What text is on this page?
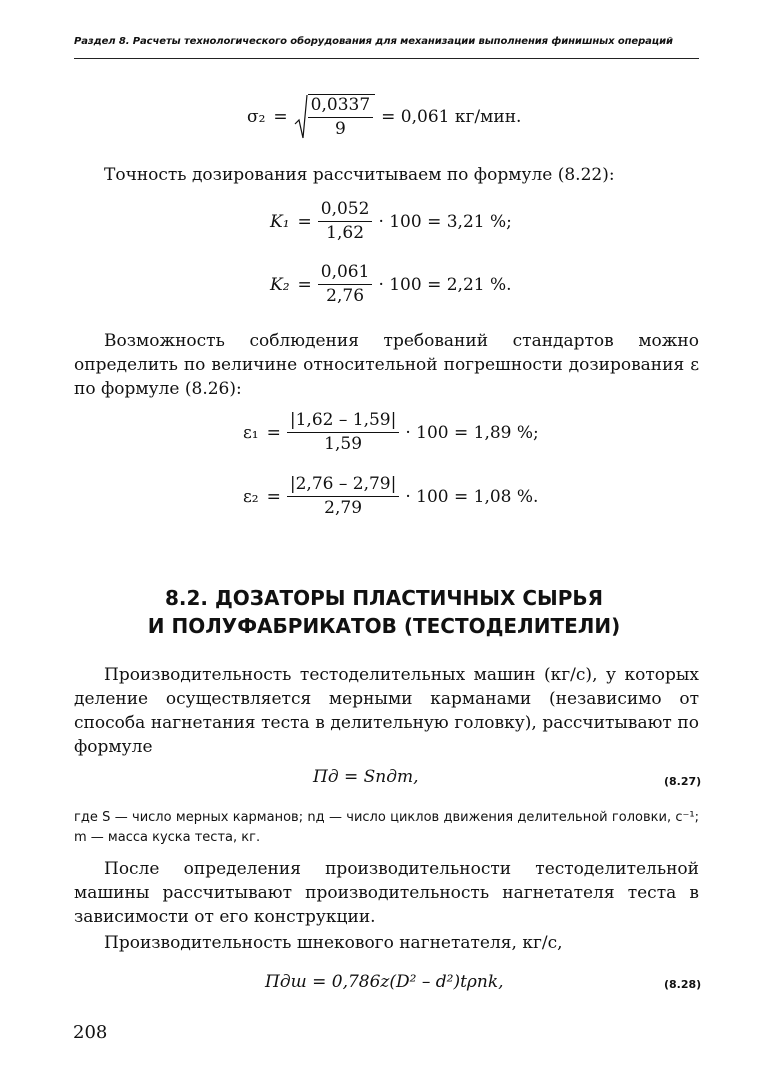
Раздел 8. Расчеты технологического оборудования для механизации выполнения финишных операций
$\sigma_2 = \frac{0,0337}{9} = 0,061$ кг/мин.
Точность дозирования рассчитываем по формуле (8.22):
$K_1 = \frac{0,052}{1,62} \cdot 100 = 3,21$ %;
$K_2 = \frac{0,061}{2,76} \cdot 100 = 2,21$ %.
Возможность соблюдения требований стандартов можно определить по величине относительной погрешности дозирования ε по формуле (8.26):
$\varepsilon_1 = \frac{|1,62 - 1,59|}{1,59} \cdot 100 = 1,89$ %;
$\varepsilon_2 = \frac{|2,76 - 2,79|}{2,79} \cdot 100 = 1,08$ %.
8.2. ДОЗАТОРЫ ПЛАСТИЧНЫХ СЫРЬЯ
И ПОЛУФАБРИКАТОВ (ТЕСТОДЕЛИТЕЛИ)
Производительность тестоделительных машин (кг/с), у которых деление осуществляется мерными карманами (независимо от способа нагнетания теста в делительную головку), рассчитывают по формуле
Пд = Snдm,	(8.27)
где S — число мерных карманов; nд — число циклов движения делительной головки, с⁻¹; m — масса куска теста, кг.
После определения производительности тестоделительной машины рассчитывают производительность нагнетателя теста в зависимости от его конструкции.
Производительность шнекового нагнетателя, кг/с,
Пдш = 0,786z(D² – d²)tρnk,	(8.28)
208
